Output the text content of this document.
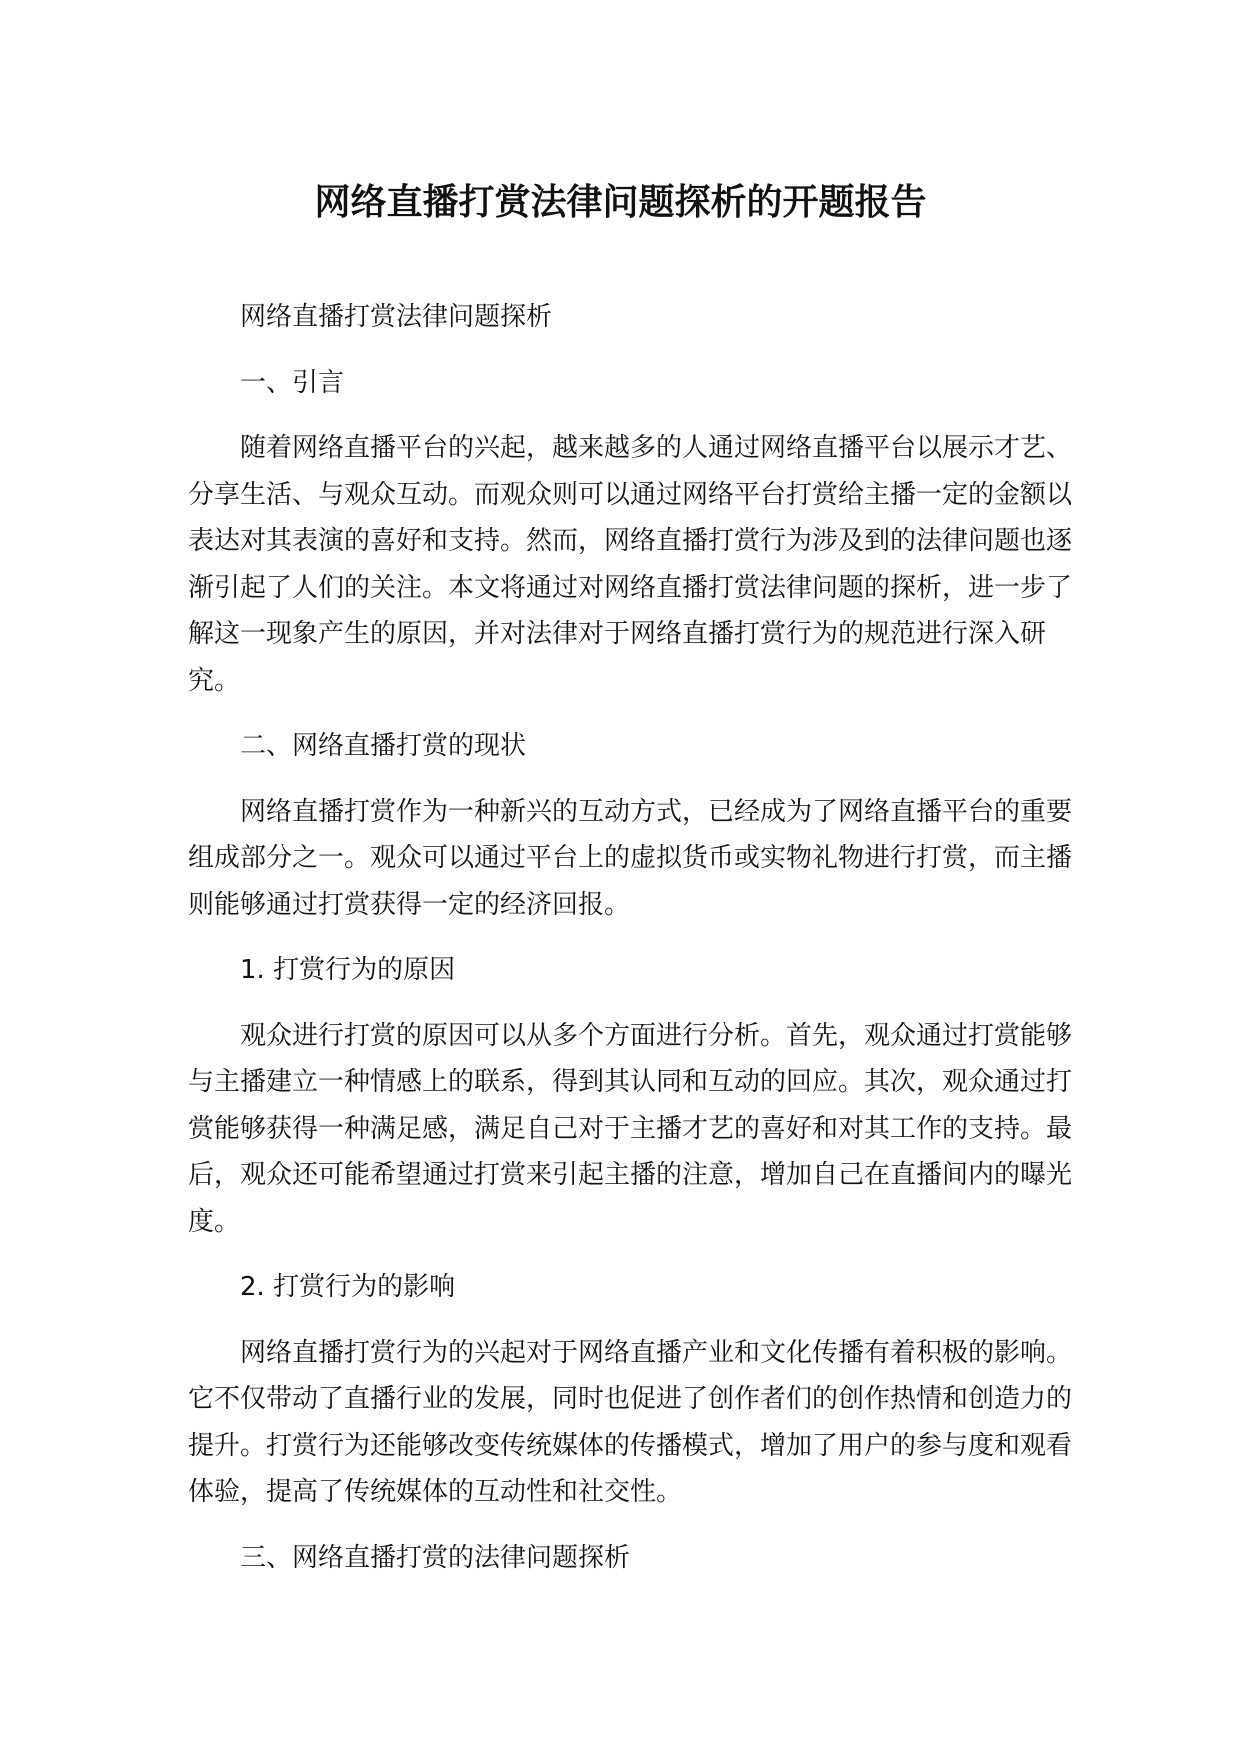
网络直播打赏法律问题探析的开题报告

网络直播打赏法律问题探析

一、引言

随着网络直播平台的兴起，越来越多的人通过网络直播平台以展示才艺、分享生活、与观众互动。而观众则可以通过网络平台打赏给主播一定的金额以表达对其表演的喜好和支持。然而，网络直播打赏行为涉及到的法律问题也逐渐引起了人们的关注。本文将通过对网络直播打赏法律问题的探析，进一步了解这一现象产生的原因，并对法律对于网络直播打赏行为的规范进行深入研究。

二、网络直播打赏的现状

网络直播打赏作为一种新兴的互动方式，已经成为了网络直播平台的重要组成部分之一。观众可以通过平台上的虚拟货币或实物礼物进行打赏，而主播则能够通过打赏获得一定的经济回报。

1. 打赏行为的原因

观众进行打赏的原因可以从多个方面进行分析。首先，观众通过打赏能够与主播建立一种情感上的联系，得到其认同和互动的回应。其次，观众通过打赏能够获得一种满足感，满足自己对于主播才艺的喜好和对其工作的支持。最后，观众还可能希望通过打赏来引起主播的注意，增加自己在直播间内的曝光度。

2. 打赏行为的影响

网络直播打赏行为的兴起对于网络直播产业和文化传播有着积极的影响。它不仅带动了直播行业的发展，同时也促进了创作者们的创作热情和创造力的提升。打赏行为还能够改变传统媒体的传播模式，增加了用户的参与度和观看体验，提高了传统媒体的互动性和社交性。

三、网络直播打赏的法律问题探析
